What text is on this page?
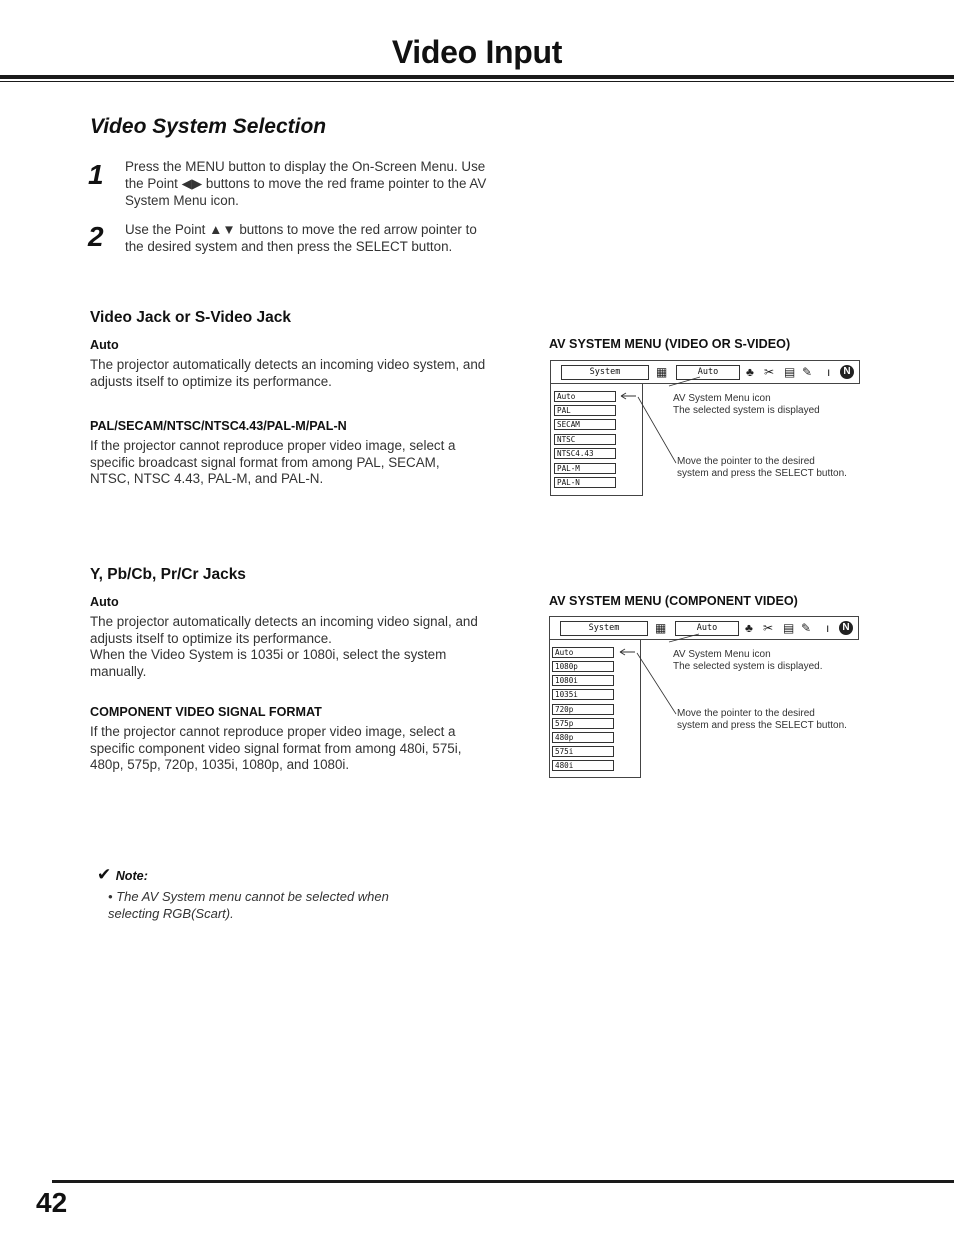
Video Input
Video System Selection
1 Press the MENU button to display the On-Screen Menu. Use the Point ◀▶ buttons to move the red frame pointer to the AV System Menu icon.
2 Use the Point ▲▼ buttons to move the red arrow pointer to the desired system and then press the SELECT button.
Video Jack or S-Video Jack
Auto
The projector automatically detects an incoming video system, and adjusts itself to optimize its performance.
PAL/SECAM/NTSC/NTSC4.43/PAL-M/PAL-N
If the projector cannot reproduce proper video image, select a specific broadcast signal format from among PAL, SECAM, NTSC, NTSC 4.43, PAL-M, and PAL-N.
AV SYSTEM MENU (VIDEO OR S-VIDEO)
System	▦	Auto	♣ ✂ ▤ ✎ ı	N
Auto
PAL
SECAM
NTSC
NTSC4.43
PAL-M
PAL-N
AV System Menu icon
The selected system is displayed
Move the pointer to the desired
system and press the SELECT button.
Y, Pb/Cb, Pr/Cr Jacks
Auto
The projector automatically detects an incoming video signal, and adjusts itself to optimize its performance.
When the Video System is 1035i or 1080i, select the system manually.
COMPONENT VIDEO SIGNAL FORMAT
If the projector cannot reproduce proper video image, select a specific component video signal format from among 480i, 575i, 480p, 575p, 720p, 1035i, 1080p, and 1080i.
AV SYSTEM MENU (COMPONENT VIDEO)
System	▦	Auto	♣ ✂ ▤ ✎ ı	N
Auto
1080p
1080i
1035i
720p
575p
480p
575i
480i
AV System Menu icon
The selected system is displayed.
Move the pointer to the desired
system and press the SELECT button.
✔ Note:
• The AV System menu cannot be selected when selecting RGB(Scart).
42
